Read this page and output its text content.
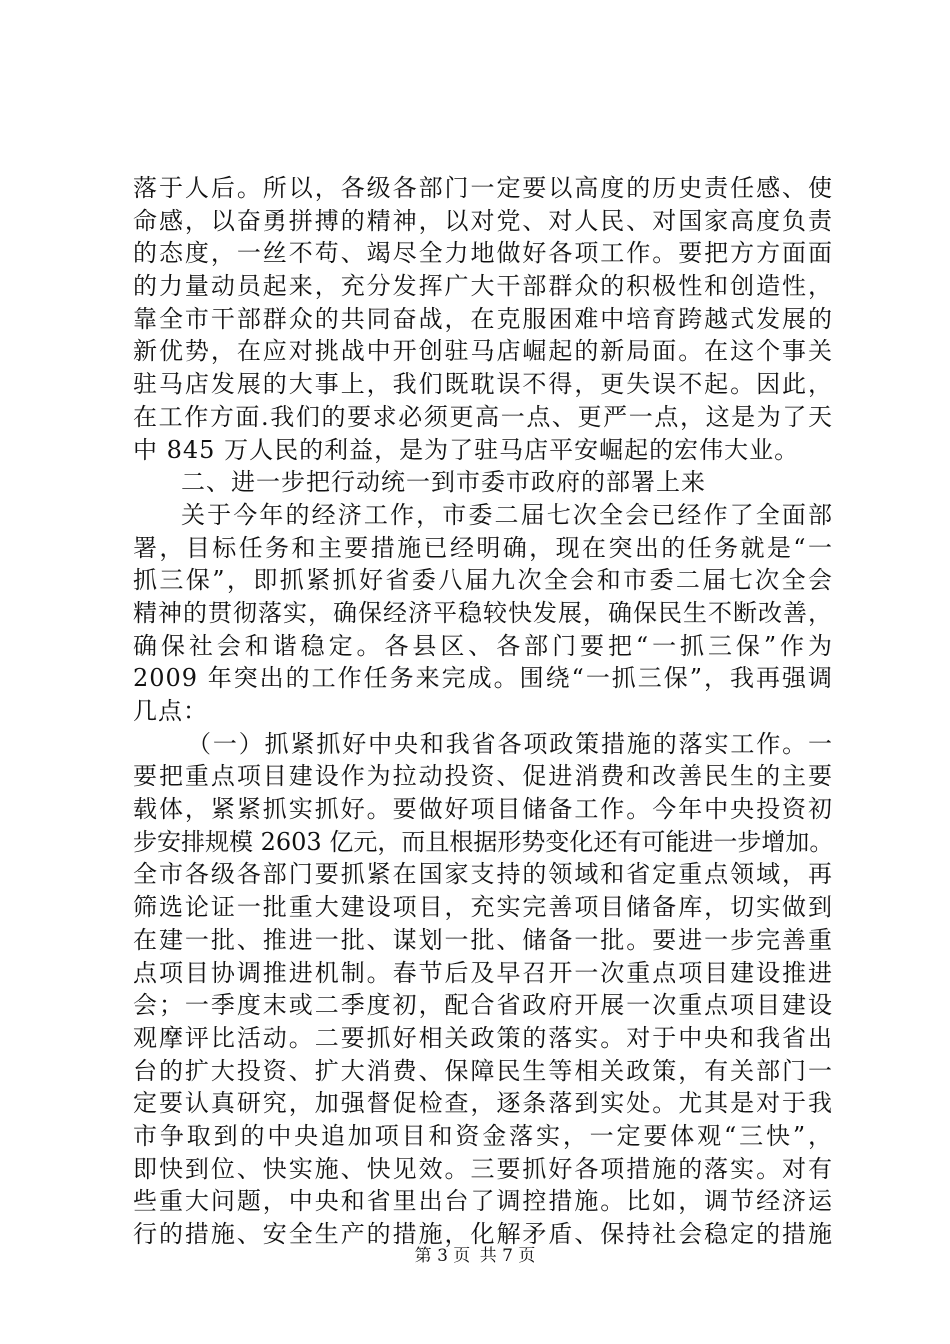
落于人后。所以，各级各部门一定要以高度的历史责任感、使
命感，以奋勇拼搏的精神，以对党、对人民、对国家高度负责
的态度，一丝不苟、竭尽全力地做好各项工作。要把方方面面
的力量动员起来，充分发挥广大干部群众的积极性和创造性，
靠全市干部群众的共同奋战，在克服困难中培育跨越式发展的
新优势，在应对挑战中开创驻马店崛起的新局面。在这个事关
驻马店发展的大事上，我们既耽误不得，更失误不起。因此，
在工作方面.我们的要求必须更高一点、更严一点，这是为了天
中 845 万人民的利益，是为了驻马店平安崛起的宏伟大业。
二、进一步把行动统一到市委市政府的部署上来
关于今年的经济工作，市委二届七次全会已经作了全面部
署，目标任务和主要措施已经明确，现在突出的任务就是“一
抓三保”，即抓紧抓好省委八届九次全会和市委二届七次全会
精神的贯彻落实，确保经济平稳较快发展，确保民生不断改善，
确保社会和谐稳定。各县区、各部门要把“一抓三保”作为
2009 年突出的工作任务来完成。围绕“一抓三保”，我再强调
几点：
（一）抓紧抓好中央和我省各项政策措施的落实工作。一
要把重点项目建设作为拉动投资、促进消费和改善民生的主要
载体，紧紧抓实抓好。要做好项目储备工作。今年中央投资初
步安排规模 2603 亿元，而且根据形势变化还有可能进一步增加。
全市各级各部门要抓紧在国家支持的领域和省定重点领域，再
筛选论证一批重大建设项目，充实完善项目储备库，切实做到
在建一批、推进一批、谋划一批、储备一批。要进一步完善重
点项目协调推进机制。春节后及早召开一次重点项目建设推进
会；一季度末或二季度初，配合省政府开展一次重点项目建设
观摩评比活动。二要抓好相关政策的落实。对于中央和我省出
台的扩大投资、扩大消费、保障民生等相关政策，有关部门一
定要认真研究，加强督促检查，逐条落到实处。尤其是对于我
市争取到的中央追加项目和资金落实，一定要体观“三快”，
即快到位、快实施、快见效。三要抓好各项措施的落实。对有
些重大问题，中央和省里出台了调控措施。比如，调节经济运
行的措施、安全生产的措施，化解矛盾、保持社会稳定的措施
第 3 页 共 7 页
